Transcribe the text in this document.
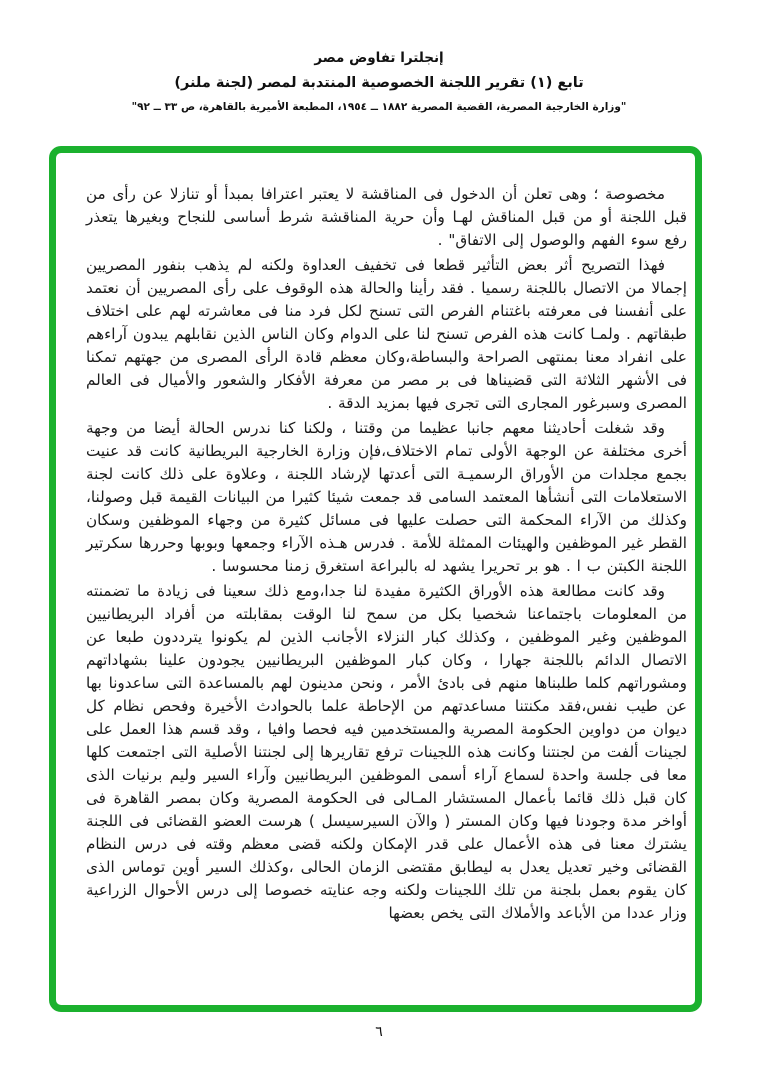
إنجلترا تفاوض مصر
تابع (١) تقرير اللجنة الخصوصية المنتدبة لمصر (لجنة ملنر)
"وزارة الخارجية المصرية، القضية المصرية ١٨٨٢ ــ ١٩٥٤، المطبعة الأميرية بالقاهرة، ص ٣٣ ــ ٩٢"

مخصوصة ؛ وهى تعلن أن الدخول فى المناقشة لا يعتبر اعترافا بمبدأ أو تنازلا عن رأى من قبل اللجنة أو من قبل المناقش لهـا وأن حرية المناقشة شرط أساسى للنجاح وبغيرها يتعذر رفع سوء الفهم والوصول إلى الاتفاق" .

فهذا التصريح أثر بعض التأثير قطعا فى تخفيف العداوة ولكنه لم يذهب بنفور المصريين إجمالا من الاتصال باللجنة رسميا . فقد رأينا والحالة هذه الوقوف على رأى المصريين أن نعتمد على أنفسنا فى معرفته باغتنام الفرص التى تسنح لكل فرد منا فى معاشرته لهم على اختلاف طبقاتهم . ولمـا كانت هذه الفرص تسنح لنا على الدوام وكان الناس الذين نقابلهم يبدون آراءهم على انفراد معنا بمنتهى الصراحة والبساطة،وكان معظم قادة الرأى المصرى من جهتهم تمكنا فى الأشهر الثلاثة التى قضيناها فى بر مصر من معرفة الأفكار والشعور والأميال فى العالم المصرى وسبرغور المجارى التى تجرى فيها بمزيد الدقة .

وقد شغلت أحاديثنا معهم جانبا عظيما من وقتنا ، ولكنا كنا ندرس الحالة أيضا من وجهة أخرى مختلفة عن الوجهة الأولى تمام الاختلاف،فإن وزارة الخارجية البريطانية كانت قد عنيت بجمع مجلدات من الأوراق الرسميـة التى أعدتها لإرشاد اللجنة ، وعلاوة على ذلك كانت لجنة الاستعلامات التى أنشأها المعتمد السامى قد جمعت شيئا كثيرا من البيانات القيمة قبل وصولنا، وكذلك من الآراء المحكمة التى حصلت عليها فى مسائل كثيرة من وجهاء الموظفين وسكان القطر غير الموظفين والهيئات الممثلة للأمة . فدرس هـذه الآراء وجمعها وبوبها وحررها سكرتير اللجنة الكبتن ب ا . هو بر تحريرا يشهد له بالبراعة استغرق زمنا محسوسا .

وقد كانت مطالعة هذه الأوراق الكثيرة مفيدة لنا جدا،ومع ذلك سعينا فى زيادة ما تضمنته من المعلومات باجتماعنا شخصيا بكل من سمح لنا الوقت بمقابلته من أفراد البريطانيين الموظفين وغير الموظفين ، وكذلك كبار النزلاء الأجانب الذين لم يكونوا يترددون طبعا عن الاتصال الدائم باللجنة جهارا ، وكان كبار الموظفين البريطانيين يجودون علينا بشهاداتهم ومشوراتهم كلما طلبناها منهم فى بادئ الأمر ، ونحن مدينون لهم بالمساعدة التى ساعدونا بها عن طيب نفس،فقد مكنتنا مساعدتهم من الإحاطة علما بالحوادث الأخيرة وفحص نظام كل ديوان من دواوين الحكومة المصرية والمستخدمين فيه فحصا وافيا ، وقد قسم هذا العمل على لجينات ألفت من لجنتنا وكانت هذه اللجينات ترفع تقاريرها إلى لجنتنا الأصلية التى اجتمعت كلها معا فى جلسة واحدة لسماع آراء أسمى الموظفين البريطانيين وآراء السير وليم برنيات الذى كان قبل ذلك قائما بأعمال المستشار المـالى فى الحكومة المصرية وكان بمصر القاهرة فى أواخر مدة وجودنا فيها وكان المستر ( والآن السيرسيسل ) هرست العضو القضائى فى اللجنة يشترك معنا فى هذه الأعمال على قدر الإمكان ولكنه قضى معظم وقته فى درس النظام القضائى وخير تعديل يعدل به ليطابق مقتضى الزمان الحالى ،وكذلك السير أوين توماس الذى كان يقوم بعمل بلجنة من تلك اللجينات ولكنه وجه عنايته خصوصا إلى درس الأحوال الزراعية وزار عددا من الأباعد والأملاك التى يخص بعضها

٦
